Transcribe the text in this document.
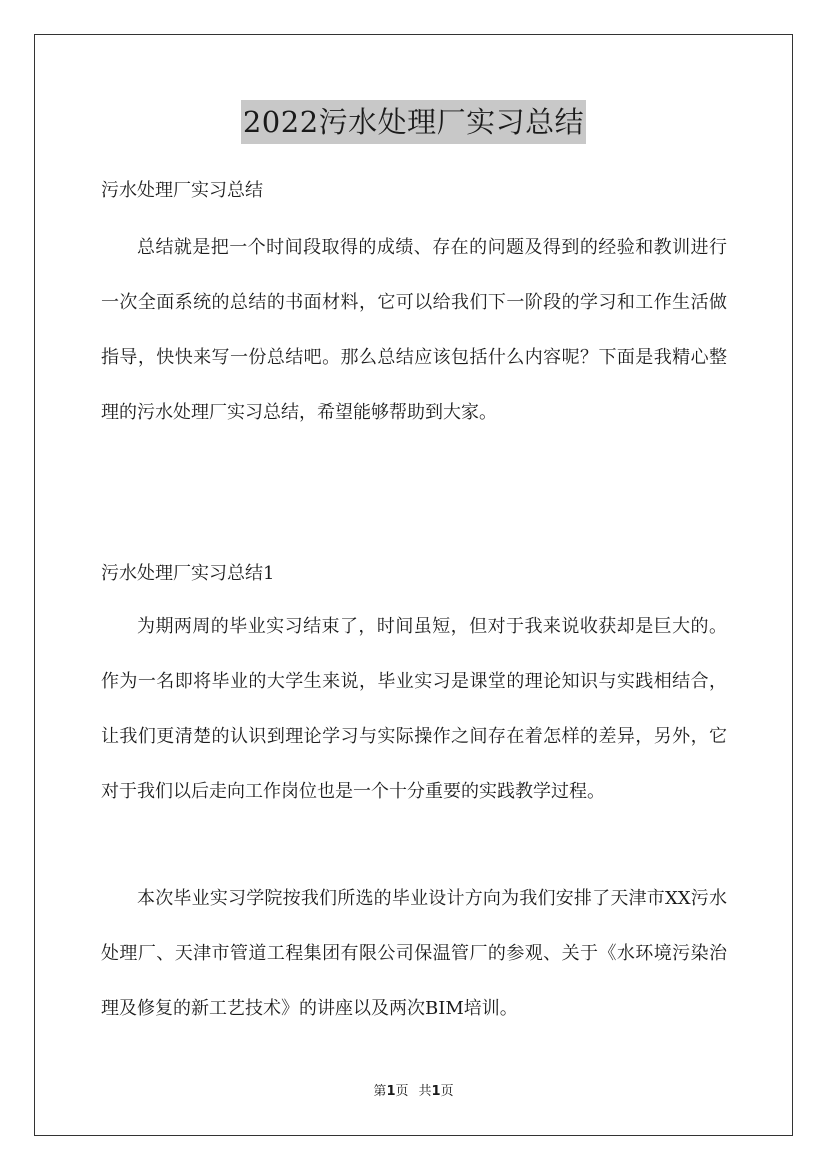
2022污水处理厂实习总结
污水处理厂实习总结

总结就是把一个时间段取得的成绩、存在的问题及得到的经验和教训进行一次全面系统的总结的书面材料，它可以给我们下一阶段的学习和工作生活做指导，快快来写一份总结吧。那么总结应该包括什么内容呢？下面是我精心整理的污水处理厂实习总结，希望能够帮助到大家。

污水处理厂实习总结1

为期两周的毕业实习结束了，时间虽短，但对于我来说收获却是巨大的。作为一名即将毕业的大学生来说，毕业实习是课堂的理论知识与实践相结合，让我们更清楚的认识到理论学习与实际操作之间存在着怎样的差异，另外，它对于我们以后走向工作岗位也是一个十分重要的实践教学过程。

本次毕业实习学院按我们所选的毕业设计方向为我们安排了天津市XX污水处理厂、天津市管道工程集团有限公司保温管厂的参观、关于《水环境污染治理及修复的新工艺技术》的讲座以及两次BIM培训。

第1页 共1页
